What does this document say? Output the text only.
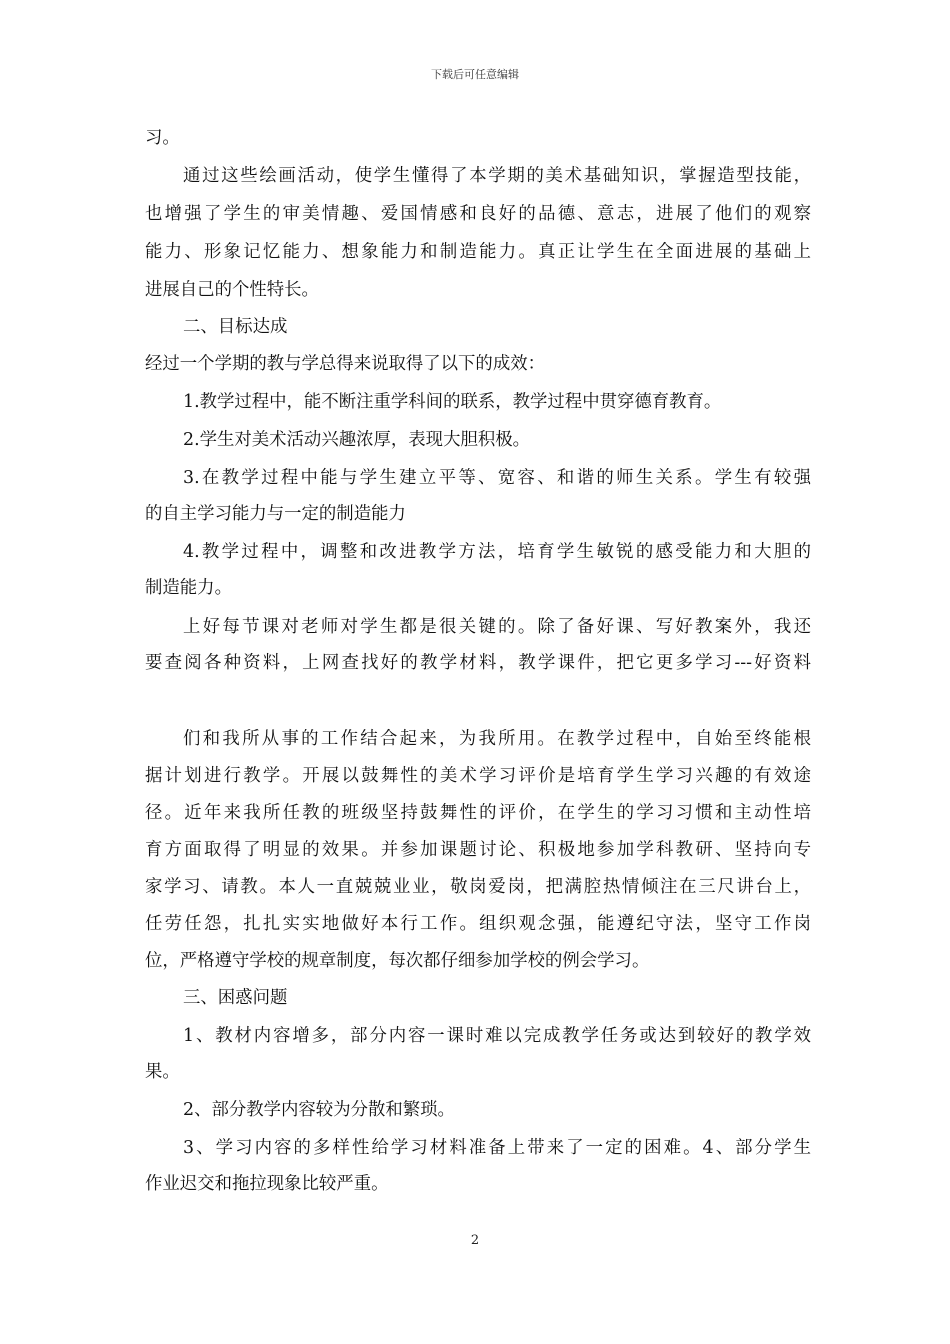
下载后可任意编辑
习。
通过这些绘画活动，使学生懂得了本学期的美术基础知识，掌握造型技能，
也增强了学生的审美情趣、爱国情感和良好的品德、意志，进展了他们的观察
能力、形象记忆能力、想象能力和制造能力。真正让学生在全面进展的基础上
进展自己的个性特长。
二、目标达成
经过一个学期的教与学总得来说取得了以下的成效：
1.教学过程中，能不断注重学科间的联系，教学过程中贯穿德育教育。
2.学生对美术活动兴趣浓厚，表现大胆积极。
3.在教学过程中能与学生建立平等、宽容、和谐的师生关系。学生有较强
的自主学习能力与一定的制造能力
4.教学过程中，调整和改进教学方法，培育学生敏锐的感受能力和大胆的
制造能力。
上好每节课对老师对学生都是很关键的。除了备好课、写好教案外，我还
要查阅各种资料，上网查找好的教学材料，教学课件，把它更多学习---好资料
们和我所从事的工作结合起来，为我所用。在教学过程中，自始至终能根
据计划进行教学。开展以鼓舞性的美术学习评价是培育学生学习兴趣的有效途
径。近年来我所任教的班级坚持鼓舞性的评价，在学生的学习习惯和主动性培
育方面取得了明显的效果。并参加课题讨论、积极地参加学科教研、坚持向专
家学习、请教。本人一直兢兢业业，敬岗爱岗，把满腔热情倾注在三尺讲台上，
任劳任怨，扎扎实实地做好本行工作。组织观念强，能遵纪守法，坚守工作岗
位，严格遵守学校的规章制度，每次都仔细参加学校的例会学习。
三、困惑问题
1、教材内容增多，部分内容一课时难以完成教学任务或达到较好的教学效
果。
2、部分教学内容较为分散和繁琐。
3、学习内容的多样性给学习材料准备上带来了一定的困难。4、部分学生
作业迟交和拖拉现象比较严重。
2
